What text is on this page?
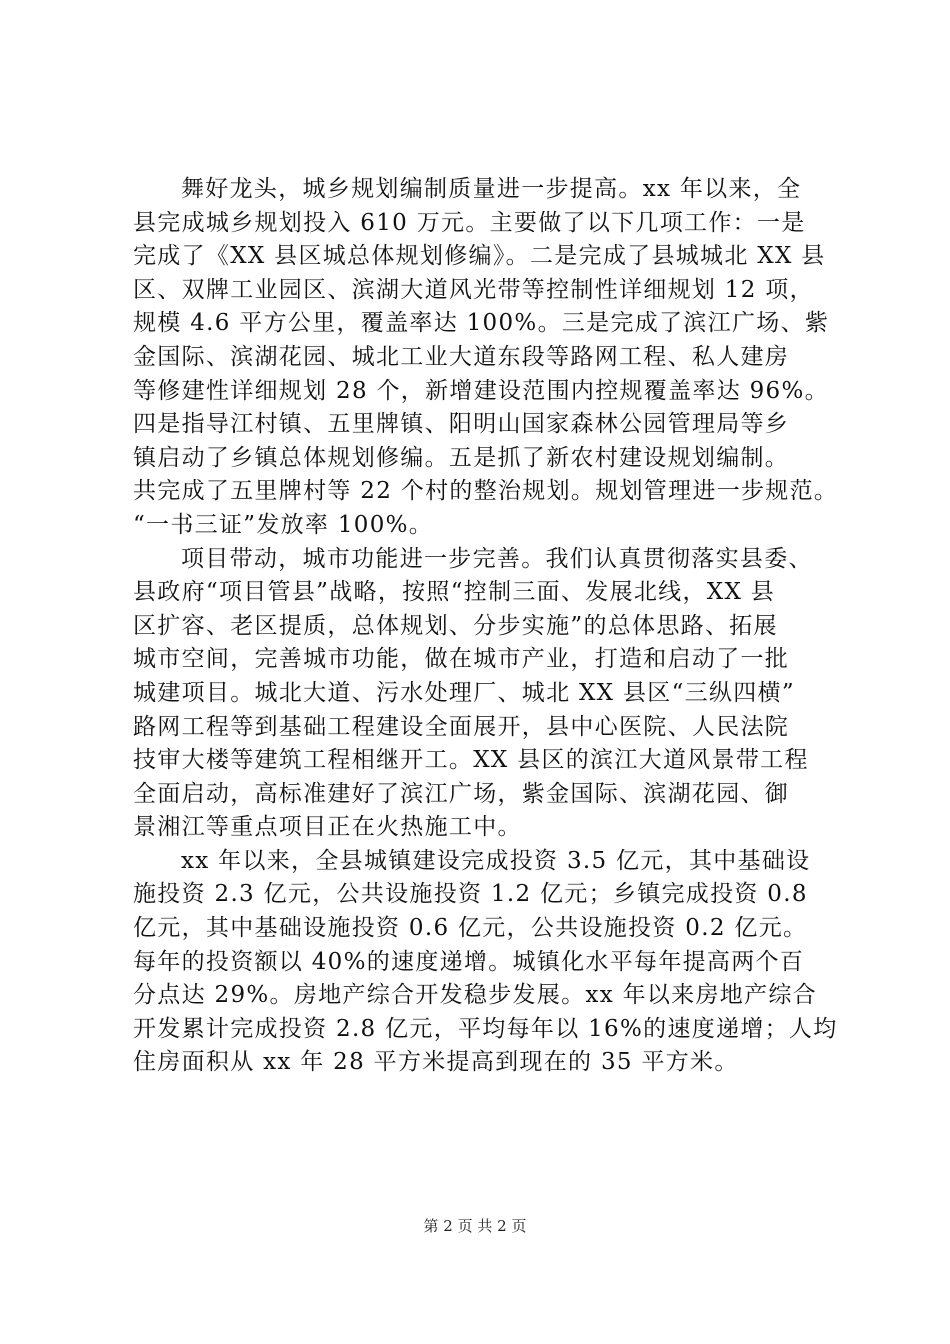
舞好龙头，城乡规划编制质量进一步提高。xx 年以来，全
县完成城乡规划投入 610 万元。主要做了以下几项工作：一是
完成了《XX 县区城总体规划修编》。二是完成了县城城北 XX 县
区、双牌工业园区、滨湖大道风光带等控制性详细规划 12 项，
规模 4.6 平方公里，覆盖率达 100%。三是完成了滨江广场、紫
金国际、滨湖花园、城北工业大道东段等路网工程、私人建房
等修建性详细规划 28 个，新增建设范围内控规覆盖率达 96%。
四是指导江村镇、五里牌镇、阳明山国家森林公园管理局等乡
镇启动了乡镇总体规划修编。五是抓了新农村建设规划编制。
共完成了五里牌村等 22 个村的整治规划。规划管理进一步规范。
“一书三证”发放率 100%。
项目带动，城市功能进一步完善。我们认真贯彻落实县委、
县政府“项目管县”战略，按照“控制三面、发展北线，XX 县
区扩容、老区提质，总体规划、分步实施”的总体思路、拓展
城市空间，完善城市功能，做在城市产业，打造和启动了一批
城建项目。城北大道、污水处理厂、城北 XX 县区“三纵四横”
路网工程等到基础工程建设全面展开，县中心医院、人民法院
技审大楼等建筑工程相继开工。XX 县区的滨江大道风景带工程
全面启动，高标准建好了滨江广场，紫金国际、滨湖花园、御
景湘江等重点项目正在火热施工中。
xx 年以来，全县城镇建设完成投资 3.5 亿元，其中基础设
施投资 2.3 亿元，公共设施投资 1.2 亿元；乡镇完成投资 0.8
亿元，其中基础设施投资 0.6 亿元，公共设施投资 0.2 亿元。
每年的投资额以 40%的速度递增。城镇化水平每年提高两个百
分点达 29%。房地产综合开发稳步发展。xx 年以来房地产综合
开发累计完成投资 2.8 亿元，平均每年以 16%的速度递增；人均
住房面积从 xx 年 28 平方米提高到现在的 35 平方米。
第 2 页 共 2 页
